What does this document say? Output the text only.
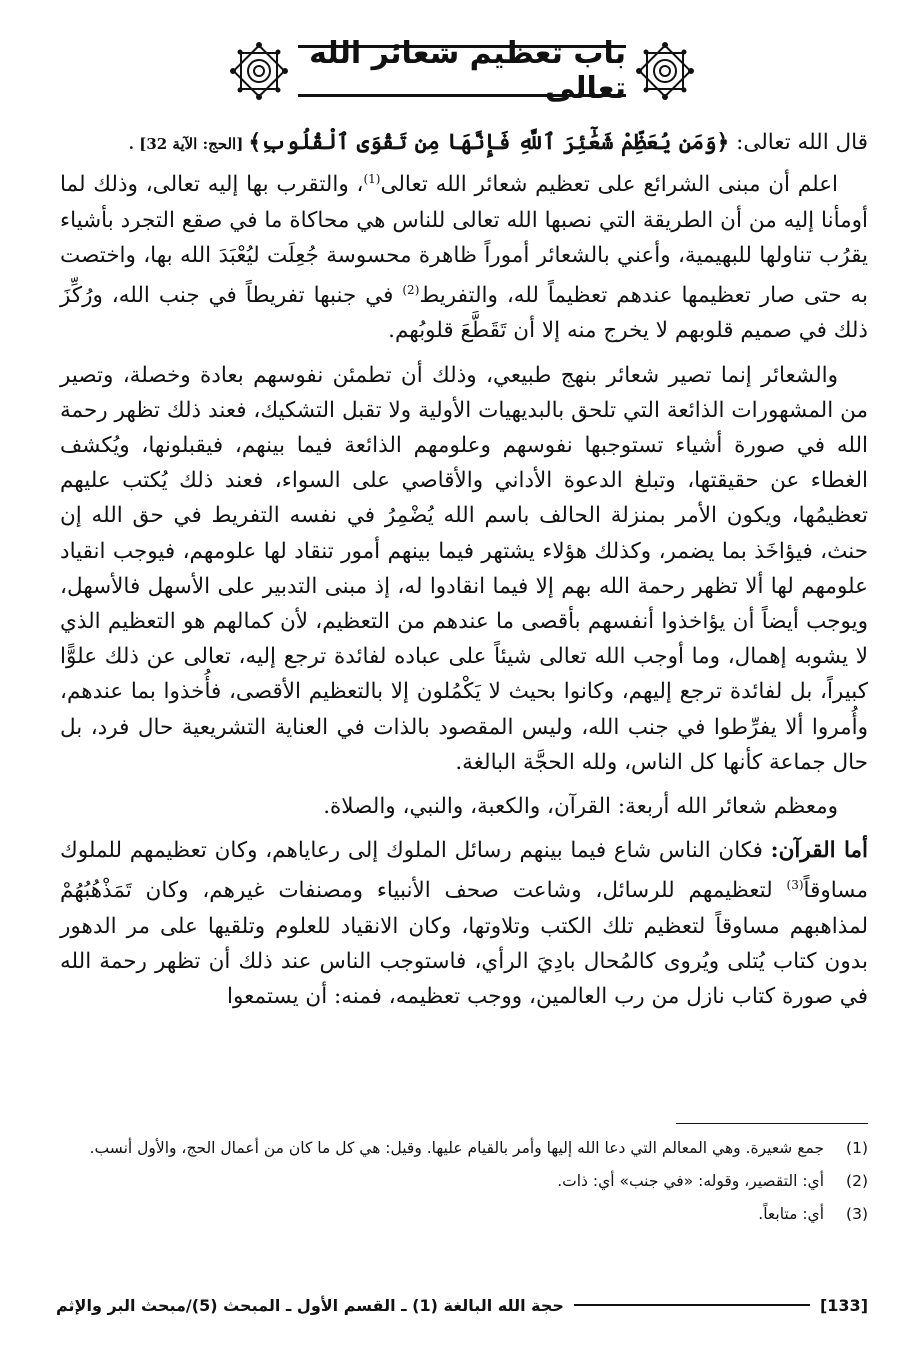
باب تعظيم شعائر الله تعالى

قال الله تعالى: ﴿وَمَن يُعَظِّمْ شَعَٰٓئِرَ ٱللَّهِ فَإِنَّهَا مِن تَقْوَى ٱلْقُلُوبِ﴾ [الحج: الآية 32] .

اعلم أن مبنى الشرائع على تعظيم شعائر الله تعالى$^{(1)}$، والتقرب بها إليه تعالى، وذلك لما أومأنا إليه من أن الطريقة التي نصبها الله تعالى للناس هي محاكاة ما في صقع التجرد بأشياء يقرُب تناولها للبهيمية، وأعني بالشعائر أموراً ظاهرة محسوسة جُعِلَت ليُعْبَدَ الله بها، واختصت به حتى صار تعظيمها عندهم تعظيماً لله، والتفريط$^{(2)}$ في جنبها تفريطاً في جنب الله، ورُكِّزَ ذلك في صميم قلوبهم لا يخرج منه إلا أن تَقَطَّعَ قلوبُهم.

والشعائر إنما تصير شعائر بنهج طبيعي، وذلك أن تطمئن نفوسهم بعادة وخصلة، وتصير من المشهورات الذائعة التي تلحق بالبديهيات الأولية ولا تقبل التشكيك، فعند ذلك تظهر رحمة الله في صورة أشياء تستوجبها نفوسهم وعلومهم الذائعة فيما بينهم، فيقبلونها، ويُكشف الغطاء عن حقيقتها، وتبلغ الدعوة الأداني والأقاصي على السواء، فعند ذلك يُكتب عليهم تعظيمُها، ويكون الأمر بمنزلة الحالف باسم الله يُضْمِرُ في نفسه التفريط في حق الله إن حنث، فيؤاخَذ بما يضمر، وكذلك هؤلاء يشتهر فيما بينهم أمور تنقاد لها علومهم، فيوجب انقياد علومهم لها ألا تظهر رحمة الله بهم إلا فيما انقادوا له، إذ مبنى التدبير على الأسهل فالأسهل، ويوجب أيضاً أن يؤاخذوا أنفسهم بأقصى ما عندهم من التعظيم، لأن كمالهم هو التعظيم الذي لا يشوبه إهمال، وما أوجب الله تعالى شيئاً على عباده لفائدة ترجع إليه، تعالى عن ذلك علوًّا كبيراً، بل لفائدة ترجع إليهم، وكانوا بحيث لا يَكْمُلون إلا بالتعظيم الأقصى، فأُخذوا بما عندهم، وأُمروا ألا يفرِّطوا في جنب الله، وليس المقصود بالذات في العناية التشريعية حال فرد، بل حال جماعة كأنها كل الناس، ولله الحجَّة البالغة.

ومعظم شعائر الله أربعة: القرآن، والكعبة، والنبي، والصلاة.

أما القرآن: فكان الناس شاع فيما بينهم رسائل الملوك إلى رعاياهم، وكان تعظيمهم للملوك مساوقاً$^{(3)}$ لتعظيمهم للرسائل، وشاعت صحف الأنبياء ومصنفات غيرهم، وكان تَمَذْهُبُهُمْ لمذاهبهم مساوقاً لتعظيم تلك الكتب وتلاوتها، وكان الانقياد للعلوم وتلقيها على مر الدهور بدون كتاب يُتلى ويُروى كالمُحال بادِيَ الرأي، فاستوجب الناس عند ذلك أن تظهر رحمة الله في صورة كتاب نازل من رب العالمين، ووجب تعظيمه، فمنه: أن يستمعوا

(1)
جمع شعيرة. وهي المعالم التي دعا الله إليها وأمر بالقيام عليها. وقيل: هي كل ما كان من أعمال الحج، والأول أنسب.
(2)
أي: التقصير، وقوله: «في جنب» أي: ذات.
(3)
أي: متابعاً.
[133]
حجة الله البالغة (1) ـ القسم الأول ـ المبحث (5)/مبحث البر والإثم
